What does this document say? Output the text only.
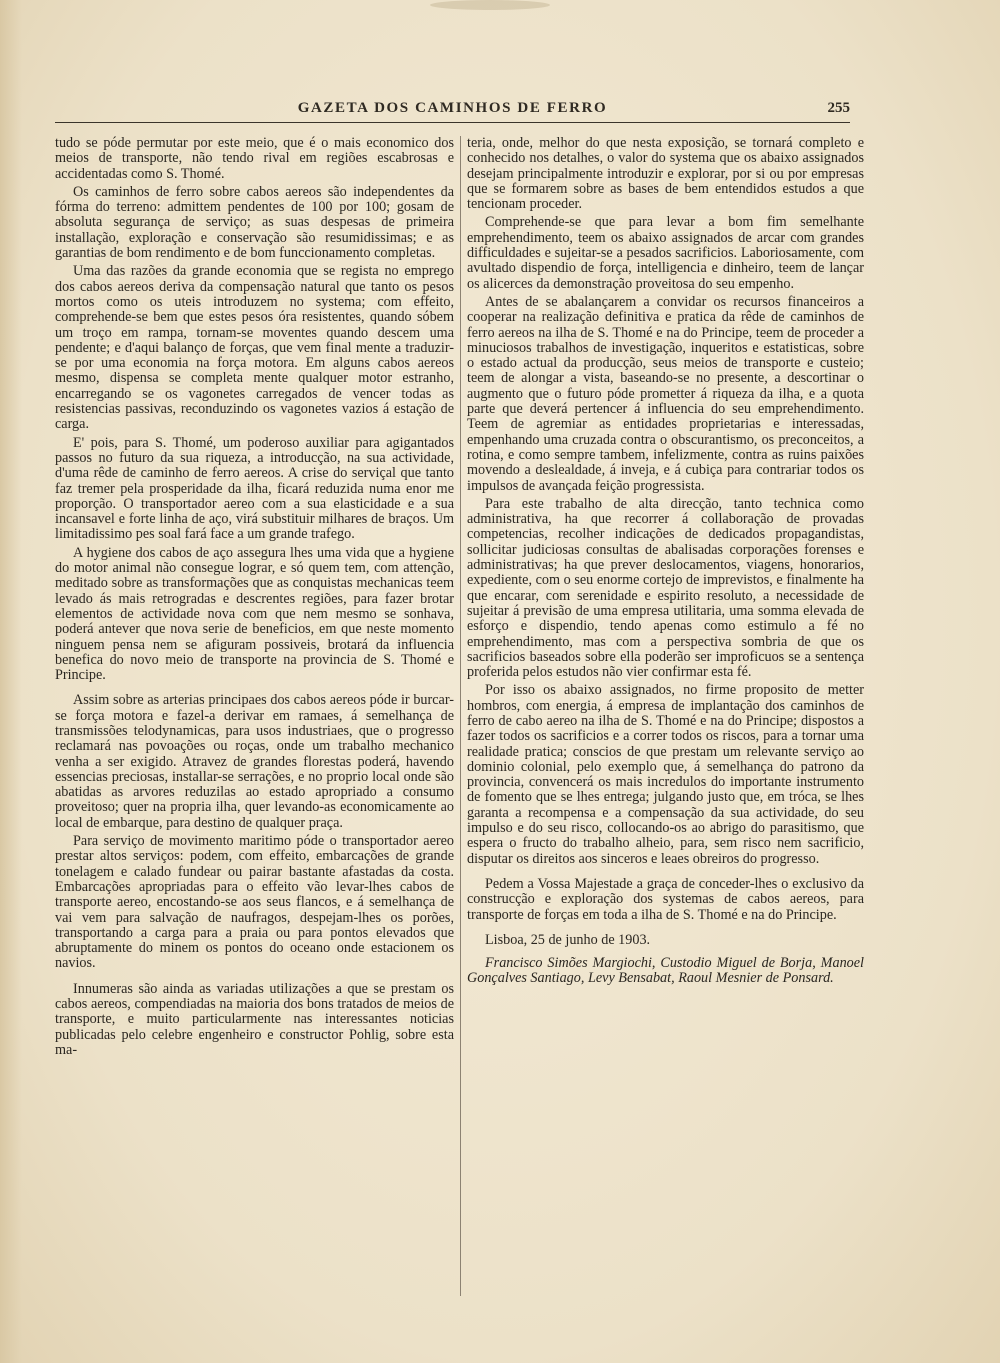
GAZETA DOS CAMINHOS DE FERRO	255

tudo se póde permutar por este meio, que é o mais economico dos meios de transporte, não tendo rival em regiões escabrosas e accidentadas como S. Thomé.

Os caminhos de ferro sobre cabos aereos são independentes da fórma do terreno: admittem pendentes de 100 por 100; gosam de absoluta segurança de serviço; as suas despesas de primeira installação, exploração e conservação são resumidissimas; e as garantias de bom rendimento e de bom funccionamento completas.

Uma das razões da grande economia que se regista no emprego dos cabos aereos deriva da compensação natural que tanto os pesos mortos como os uteis introduzem no systema; com effeito, comprehende-se bem que estes pesos óra resistentes, quando sóbem um troço em rampa, tornam-se moventes quando descem uma pendente; e d'aqui balanço de forças, que vem final mente a traduzir-se por uma economia na força motora. Em alguns cabos aereos mesmo, dispensa se completa mente qualquer motor estranho, encarregando se os vagonetes carregados de vencer todas as resistencias passivas, reconduzindo os vagonetes vazios á estação de carga.

E' pois, para S. Thomé, um poderoso auxiliar para agigantados passos no futuro da sua riqueza, a introducção, na sua actividade, d'uma rêde de caminho de ferro aereos. A crise do serviçal que tanto faz tremer pela prosperidade da ilha, ficará reduzida numa enor me proporção. O transportador aereo com a sua elasticidade e a sua incansavel e forte linha de aço, virá substituir milhares de braços. Um limitadissimo pes soal fará face a um grande trafego.

A hygiene dos cabos de aço assegura lhes uma vida que a hygiene do motor animal não consegue lograr, e só quem tem, com attenção, meditado sobre as transformações que as conquistas mechanicas teem levado ás mais retrogradas e descrentes regiões, para fazer brotar elementos de actividade nova com que nem mesmo se sonhava, poderá antever que nova serie de beneficios, em que neste momento ninguem pensa nem se afiguram possiveis, brotará da influencia benefica do novo meio de transporte na provincia de S. Thomé e Principe.

Assim sobre as arterias principaes dos cabos aereos póde ir burcar-se força motora e fazel-a derivar em ramaes, á semelhança de transmissões telodynamicas, para usos industriaes, que o progresso reclamará nas povoações ou roças, onde um trabalho mechanico venha a ser exigido. Atravez de grandes florestas poderá, havendo essencias preciosas, installar-se serrações, e no proprio local onde são abatidas as arvores reduzilas ao estado apropriado a consumo proveitoso; quer na propria ilha, quer levando-as economicamente ao local de embarque, para destino de qualquer praça.

Para serviço de movimento maritimo póde o transportador aereo prestar altos serviços: podem, com effeito, embarcações de grande tonelagem e calado fundear ou pairar bastante afastadas da costa. Embarcações apropriadas para o effeito vão levar-lhes cabos de transporte aereo, encostando-se aos seus flancos, e á semelhança de vai vem para salvação de naufragos, despejam-lhes os porões, transportando a carga para a praia ou para pontos elevados que abruptamente do minem os pontos do oceano onde estacionem os navios.

Innumeras são ainda as variadas utilizações a que se prestam os cabos aereos, compendiadas na maioria dos bons tratados de meios de transporte, e muito particularmente nas interessantes noticias publicadas pelo celebre engenheiro e constructor Pohlig, sobre esta ma-

teria, onde, melhor do que nesta exposição, se tornará completo e conhecido nos detalhes, o valor do systema que os abaixo assignados desejam principalmente introduzir e explorar, por si ou por empresas que se formarem sobre as bases de bem entendidos estudos a que tencionam proceder.

Comprehende-se que para levar a bom fim semelhante emprehendimento, teem os abaixo assignados de arcar com grandes difficuldades e sujeitar-se a pesados sacrificios. Laboriosamente, com avultado dispendio de força, intelligencia e dinheiro, teem de lançar os alicerces da demonstração proveitosa do seu empenho.

Antes de se abalançarem a convidar os recursos financeiros a cooperar na realização definitiva e pratica da rêde de caminhos de ferro aereos na ilha de S. Thomé e na do Principe, teem de proceder a minuciosos trabalhos de investigação, inqueritos e estatisticas, sobre o estado actual da producção, seus meios de transporte e custeio; teem de alongar a vista, baseando-se no presente, a descortinar o augmento que o futuro póde prometter á riqueza da ilha, e a quota parte que deverá pertencer á influencia do seu emprehendimento. Teem de agremiar as entidades proprietarias e interessadas, empenhando uma cruzada contra o obscurantismo, os preconceitos, a rotina, e como sempre tambem, infelizmente, contra as ruins paixões movendo a deslealdade, á inveja, e á cubiça para contrariar todos os impulsos de avançada feição progressista.

Para este trabalho de alta direcção, tanto technica como administrativa, ha que recorrer á collaboração de provadas competencias, recolher indicações de dedicados propagandistas, sollicitar judiciosas consultas de abalisadas corporações forenses e administrativas; ha que prever deslocamentos, viagens, honorarios, expediente, com o seu enorme cortejo de imprevistos, e finalmente ha que encarar, com serenidade e espirito resoluto, a necessidade de sujeitar á previsão de uma empresa utilitaria, uma somma elevada de esforço e dispendio, tendo apenas como estimulo a fé no emprehendimento, mas com a perspectiva sombria de que os sacrificios baseados sobre ella poderão ser improficuos se a sentença proferida pelos estudos não vier confirmar esta fé.

Por isso os abaixo assignados, no firme proposito de metter hombros, com energia, á empresa de implantação dos caminhos de ferro de cabo aereo na ilha de S. Thomé e na do Principe; dispostos a fazer todos os sacrificios e a correr todos os riscos, para a tornar uma realidade pratica; conscios de que prestam um relevante serviço ao dominio colonial, pelo exemplo que, á semelhança do patrono da provincia, convencerá os mais incredulos do importante instrumento de fomento que se lhes entrega; julgando justo que, em tróca, se lhes garanta a recompensa e a compensação da sua actividade, do seu impulso e do seu risco, collocando-os ao abrigo do parasitismo, que espera o fructo do trabalho alheio, para, sem risco nem sacrificio, disputar os direitos aos sinceros e leaes obreiros do progresso.

Pedem a Vossa Majestade a graça de conceder-lhes o exclusivo da construcção e exploração dos systemas de cabos aereos, para transporte de forças em toda a ilha de S. Thomé e na do Principe.

Lisboa, 25 de junho de 1903.

Francisco Simões Margiochi, Custodio Miguel de Borja, Manoel Gonçalves Santiago, Levy Bensabat, Raoul Mesnier de Ponsard.
